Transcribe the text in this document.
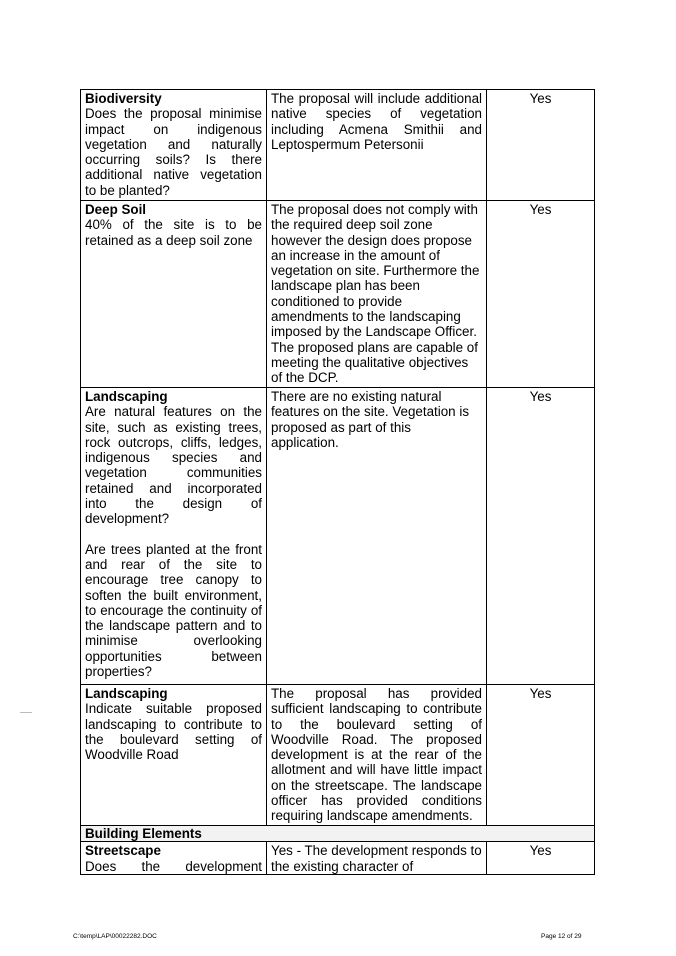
Biodiversity
Does the proposal minimise impact on indigenous vegetation and naturally occurring soils? Is there additional native vegetation to be planted?	The proposal will include additional native species of vegetation including Acmena Smithii and Leptospermum Petersonii	Yes

Deep Soil
40% of the site is to be retained as a deep soil zone	The proposal does not comply with the required deep soil zone however the design does propose an increase in the amount of vegetation on site. Furthermore the landscape plan has been conditioned to provide amendments to the landscaping imposed by the Landscape Officer. The proposed plans are capable of meeting the qualitative objectives of the DCP.	Yes

Landscaping
Are natural features on the site, such as existing trees, rock outcrops, cliffs, ledges, indigenous species and vegetation communities retained and incorporated into the design of development?
Are trees planted at the front and rear of the site to encourage tree canopy to soften the built environment, to encourage the continuity of the landscape pattern and to minimise overlooking opportunities between properties?	There are no existing natural features on the site. Vegetation is proposed as part of this application.	Yes

Landscaping
Indicate suitable proposed landscaping to contribute to the boulevard setting of Woodville Road	The proposal has provided sufficient landscaping to contribute to the boulevard setting of Woodville Road. The proposed development is at the rear of the allotment and will have little impact on the streetscape. The landscape officer has provided conditions requiring landscape amendments.	Yes

Building Elements		

Streetscape
Does the development	Yes - The development responds to the existing character of	Yes
C:\temp\LAP\00022282.DOC	Page 12 of 29
